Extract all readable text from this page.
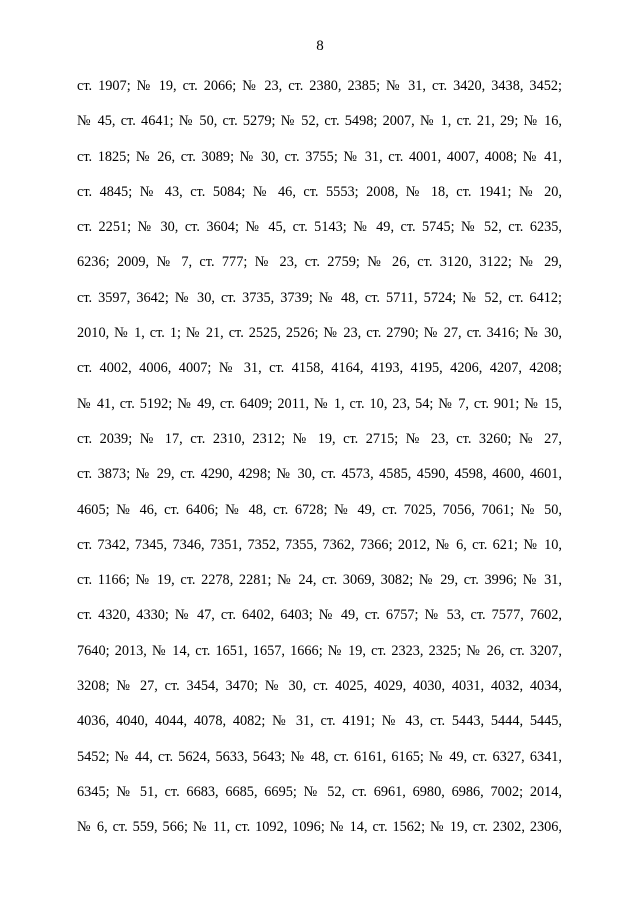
8
ст. 1907; № 19, ст. 2066; № 23, ст. 2380, 2385; № 31, ст. 3420, 3438, 3452;
№ 45, ст. 4641; № 50, ст. 5279; № 52, ст. 5498; 2007, № 1, ст. 21, 29; № 16,
ст. 1825; № 26, ст. 3089; № 30, ст. 3755; № 31, ст. 4001, 4007, 4008; № 41,
ст. 4845; № 43, ст. 5084; № 46, ст. 5553; 2008, № 18, ст. 1941; № 20,
ст. 2251; № 30, ст. 3604; № 45, ст. 5143; № 49, ст. 5745; № 52, ст. 6235,
6236; 2009, № 7, ст. 777; № 23, ст. 2759; № 26, ст. 3120, 3122; № 29,
ст. 3597, 3642; № 30, ст. 3735, 3739; № 48, ст. 5711, 5724; № 52, ст. 6412;
2010, № 1, ст. 1; № 21, ст. 2525, 2526; № 23, ст. 2790; № 27, ст. 3416; № 30,
ст. 4002, 4006, 4007; № 31, ст. 4158, 4164, 4193, 4195, 4206, 4207, 4208;
№ 41, ст. 5192; № 49, ст. 6409; 2011, № 1, ст. 10, 23, 54; № 7, ст. 901; № 15,
ст. 2039; № 17, ст. 2310, 2312; № 19, ст. 2715; № 23, ст. 3260; № 27,
ст. 3873; № 29, ст. 4290, 4298; № 30, ст. 4573, 4585, 4590, 4598, 4600, 4601,
4605; № 46, ст. 6406; № 48, ст. 6728; № 49, ст. 7025, 7056, 7061; № 50,
ст. 7342, 7345, 7346, 7351, 7352, 7355, 7362, 7366; 2012, № 6, ст. 621; № 10,
ст. 1166; № 19, ст. 2278, 2281; № 24, ст. 3069, 3082; № 29, ст. 3996; № 31,
ст. 4320, 4330; № 47, ст. 6402, 6403; № 49, ст. 6757; № 53, ст. 7577, 7602,
7640; 2013, № 14, ст. 1651, 1657, 1666; № 19, ст. 2323, 2325; № 26, ст. 3207,
3208; № 27, ст. 3454, 3470; № 30, ст. 4025, 4029, 4030, 4031, 4032, 4034,
4036, 4040, 4044, 4078, 4082; № 31, ст. 4191; № 43, ст. 5443, 5444, 5445,
5452; № 44, ст. 5624, 5633, 5643; № 48, ст. 6161, 6165; № 49, ст. 6327, 6341,
6345; № 51, ст. 6683, 6685, 6695; № 52, ст. 6961, 6980, 6986, 7002; 2014,
№ 6, ст. 559, 566; № 11, ст. 1092, 1096; № 14, ст. 1562; № 19, ст. 2302, 2306,
